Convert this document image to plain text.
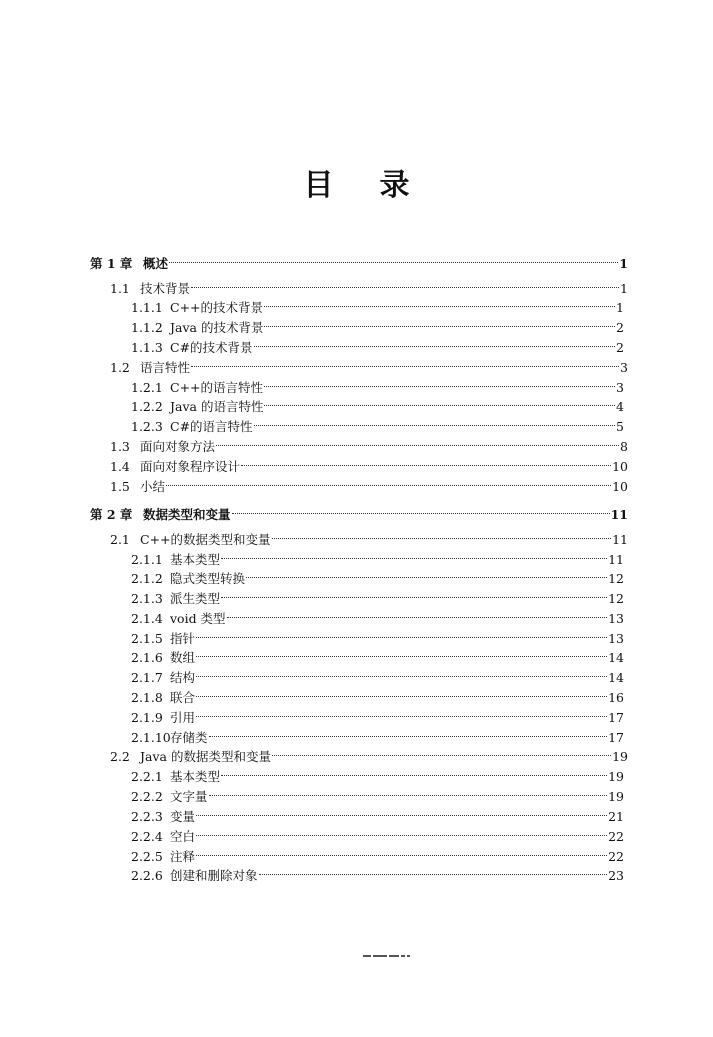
目 录
第 1 章 概述	1
1.1 技术背景	1
1.1.1 C++的技术背景	1
1.1.2 Java 的技术背景	2
1.1.3 C#的技术背景	2
1.2 语言特性	3
1.2.1 C++的语言特性	3
1.2.2 Java 的语言特性	4
1.2.3 C#的语言特性	5
1.3 面向对象方法	8
1.4 面向对象程序设计	10
1.5 小结	10
第 2 章 数据类型和变量	11
2.1 C++的数据类型和变量	11
2.1.1 基本类型	11
2.1.2 隐式类型转换	12
2.1.3 派生类型	12
2.1.4 void 类型	13
2.1.5 指针	13
2.1.6 数组	14
2.1.7 结构	14
2.1.8 联合	16
2.1.9 引用	17
2.1.10 存储类	17
2.2 Java 的数据类型和变量	19
2.2.1 基本类型	19
2.2.2 文字量	19
2.2.3 变量	21
2.2.4 空白	22
2.2.5 注释	22
2.2.6 创建和删除对象	23
